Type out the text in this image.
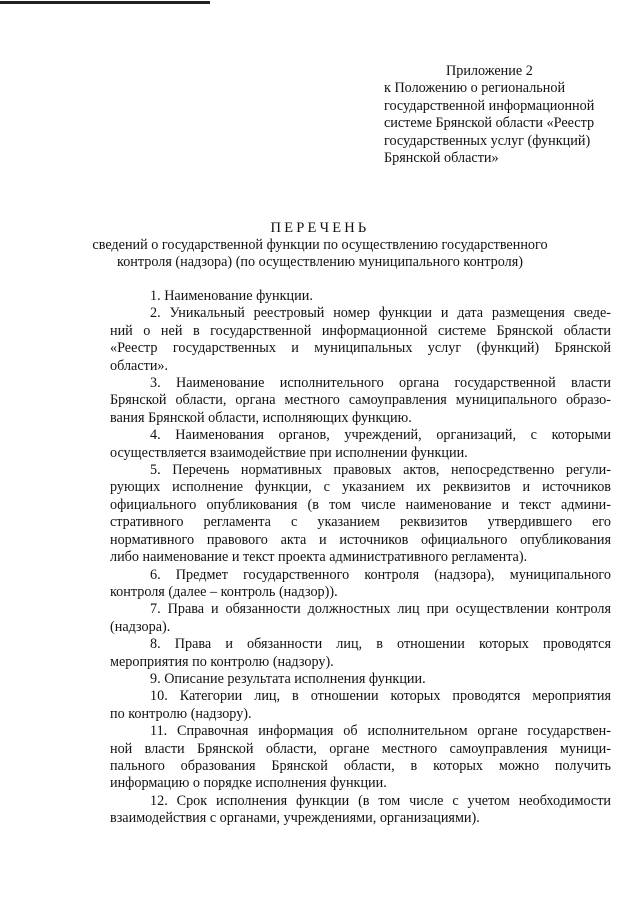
Приложение 2
к Положению о региональной
государственной информационной
системе Брянской области «Реестр
государственных услуг (функций)
Брянской области»
ПЕРЕЧЕНЬ
сведений о государственной функции по осуществлению государственного
контроля (надзора) (по осуществлению муниципального контроля)
1. Наименование функции.
2. Уникальный реестровый номер функции и дата размещения сведе-
ний о ней в государственной информационной системе Брянской области
«Реестр государственных и муниципальных услуг (функций) Брянской
области».
3. Наименование исполнительного органа государственной власти
Брянской области, органа местного самоуправления муниципального образо-
вания Брянской области, исполняющих функцию.
4. Наименования органов, учреждений, организаций, с которыми
осуществляется взаимодействие при исполнении функции.
5. Перечень нормативных правовых актов, непосредственно регули-
рующих исполнение функции, с указанием их реквизитов и источников
официального опубликования (в том числе наименование и текст админи-
стративного регламента с указанием реквизитов утвердившего его
нормативного правового акта и источников официального опубликования
либо наименование и текст проекта административного регламента).
6. Предмет государственного контроля (надзора), муниципального
контроля (далее – контроль (надзор)).
7. Права и обязанности должностных лиц при осуществлении контроля
(надзора).
8. Права и обязанности лиц, в отношении которых проводятся
мероприятия по контролю (надзору).
9. Описание результата исполнения функции.
10. Категории лиц, в отношении которых проводятся мероприятия
по контролю (надзору).
11. Справочная информация об исполнительном органе государствен-
ной власти Брянской области, органе местного самоуправления муници-
пального образования Брянской области, в которых можно получить
информацию о порядке исполнения функции.
12. Срок исполнения функции (в том числе с учетом необходимости
взаимодействия с органами, учреждениями, организациями).
